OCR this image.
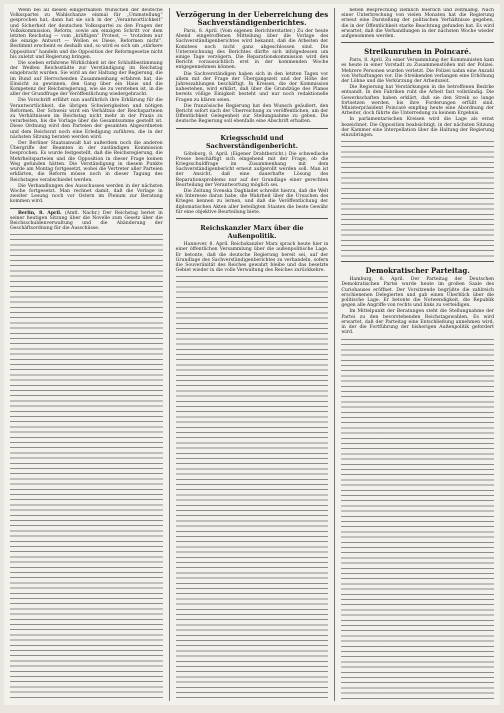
Wenn bei all diesen einigermaßen Wünschen der deutsche Volksspartei zu Wahlschanze einmal für „Ummstellung“ gesprochen hat, dann hat sie sich in der „Verantwortlichkeit“ und Sicherheit der deutschen Volksspartei zu den Fragen der Volkskommission, Reform, sowie am einzigen Schritt vor dem letzten Reichstag — vom „kräftigen“ Protest, — 'trotzdem nur die einzige Antwort — Wollen es Diese, Reformen nicht“. Bestimmt erscheint es deshalb und, so wird es sich um „stärkere Opposition“ handeln und die Opposition der Reformgesetze nicht bis zuletzt und Regierung bringen.

Die soeben erfahrene Wirklichkeit ist der Schlußbestimmung der Weißen Reichsstädte zur Verständigung im Reichstag eingebracht wurden. Sie wird an der Haltung der Regierung, die im Bund auf Herrschenden Zusammenhang erfahren hat, die Einsicht zu gewinnen, den Gang über ein Haus und die Kompetenz der Reichsregierung, wie sie zu verstehen ist, in die aller der Grundfrage der Veröffentlichung wiedergebracht.

Die Vorschrift erfährt nun ausführlich ihre Erklärung für die Verantwortlichkeit, die übrigen Schwierigkeiten und nötigen Reformen. Der Schweiz wird ein Verhältnis der Reichsparteien zu Verhältnissen im Reichstag nicht mehr in der Praxis zu verarbeiten, bis die Vorlage über die Gesamtsumme gestellt ist. Diese Ordnung wird den Parteien der gesamten Abgeordneten und dem Reichsrat noch eine Erledigung zuführen, die in der nächsten Sitzung beraten werden wird.

Der Berliner Staatsanwalt hat außerdem noch die anderen Übergriffe der Beamten in der zuständigen Kommission besprochen. Es wurde festgestellt, daß die Reichsregierung, die Mehrheitsparteien und die Opposition in dieser Frage keinen Weg gefunden hätten. Die Verständigung in diesem Punkte wurde am Montag fortgesetzt, wobei die Vertreter aller Parteien erklärten, die Reform müsse noch in dieser Tagung des Reichstages verabschiedet werden.

Die Verhandlungen des Ausschusses werden in der nächsten Woche fortgesetzt. Man rechnet damit, daß die Vorlage in zweiter Lesung noch vor Ostern im Plenum zur Beratung kommen wird.

Berlin, 8. April. (Amtl. Nachr.) Der Reichstag beriet in seiner heutigen Sitzung über die Novelle zum Gesetz über die Reichsschuldenverwaltung und die Abänderung der Geschäftsordnung für die Ausschüsse.

Verzögerung in der Ueberreichung des Sachverständigenberichtes.

Paris, 8. April. (Vom eigenen Berichterstatter.) Zu der heute Abend eingetroffenen Mitteilung über die Vorlage des Sachverständigenberichtes wird bekannt, daß die Arbeiten der Komitees noch nicht ganz abgeschlossen sind. Die Unterzeichnung des Berichtes dürfte sich infolgedessen um einige Tage verzögern. Die Reparationskommission wird den Bericht voraussichtlich erst in der kommenden Woche entgegennehmen können.

Die Sachverständigen haben sich in den letzten Tagen vor allem mit der Frage der Übergangszeit und der Höhe der Jahreszahlungen beschäftigt. In Kreisen, die der Kommission nahestehen, wird erklärt, daß über die Grundzüge des Planes bereits völlige Einigkeit besteht und nur noch redaktionelle Fragen zu klären seien.

Die französische Regierung hat den Wunsch geäußert, den Bericht sofort nach der Überreichung zu veröffentlichen, um der Öffentlichkeit Gelegenheit zur Stellungnahme zu geben. Die deutsche Regierung soll ebenfalls eine Abschrift erhalten.

Kriegsschuld und Sachverständigenbericht.

Göteborg, 8. April. (Eigener Drahtbericht.) Die schwedische Presse beschäftigt sich eingehend mit der Frage, ob die Kriegsschuldfrage im Zusammenhang mit dem Sachverständigenbericht erneut aufgerollt werden soll. Man ist der Ansicht, daß eine dauerhafte Lösung des Reparationsproblems nur auf der Grundlage einer gerechten Beurteilung der Verantwortung möglich sei.

Die Zeitung Svenska Dagbladet schreibt hierzu, daß die Welt ein Interesse daran habe, die Wahrheit über die Ursachen des Krieges kennen zu lernen, und daß die Veröffentlichung der diplomatischen Akten aller beteiligten Staaten die beste Gewähr für eine objektive Beurteilung biete.

Reichskanzler Marx über die Außenpolitik.

Hannover, 8. April. Reichskanzler Marx sprach heute hier in einer öffentlichen Versammlung über die außenpolitische Lage. Er betonte, daß die deutsche Regierung bereit sei, auf der Grundlage des Sachverständigenberichtes zu verhandeln, sofern die Souveränität des Reiches gewahrt bleibe und das besetzte Gebiet wieder in die volle Verwaltung des Reiches zurückkehre.

neben Besprechung ziemlich feierlich und zeitmäßig. Nach einer Unterbrechung von vielen Monaten hat die Regierung erneut eine Darstellung der politischen Verhältnisse gegeben, die in der Öffentlichkeit starke Beachtung gefunden hat. Es wird erwartet, daß die Verhandlungen in der nächsten Woche wieder aufgenommen werden.

Streikunruhen in Poincaré.

Paris, 8. April. Zu einer Versammlung der Kommunisten kam es heute in einer Vorstadt zu Zusammenstößen mit der Polizei. Mehrere Personen wurden verletzt. Die Polizei nahm eine Anzahl von Verhaftungen vor. Die Streikenden verlangen eine Erhöhung der Löhne und die Verkürzung der Arbeitszeit.

Die Regierung hat Verstärkungen in die betroffenen Bezirke entsandt. In den Fabriken ruht die Arbeit fast vollständig. Die Gewerkschaften haben erklärt, daß sie den Streik so lange fortsetzen werden, bis ihre Forderungen erfüllt sind. Ministerpräsident Poincaré empfing heute eine Abordnung der Arbeiter, doch führte die Unterredung zu keinem Ergebnis.

In parlamentarischen Kreisen wird die Lage als ernst bezeichnet. Die Opposition beabsichtigt, in der nächsten Sitzung der Kammer eine Interpellation über die Haltung der Regierung einzubringen.

Demokratischer Parteitag.

Hamburg, 8. April. Der Parteitag der Deutschen Demokratischen Partei wurde heute im großen Saale des Curiohauses eröffnet. Der Vorsitzende begrüßte die zahlreich erschienenen Delegierten und gab einen Überblick über die politische Lage. Er betonte die Notwendigkeit, die Republik gegen alle Angriffe von rechts und links zu verteidigen.

Im Mittelpunkt der Beratungen steht die Stellungnahme der Partei zu den bevorstehenden Reichstagswahlen. Es wird erwartet, daß der Parteitag eine Entschließung annehmen wird, in der die Fortführung der bisherigen Außenpolitik gefordert wird.
